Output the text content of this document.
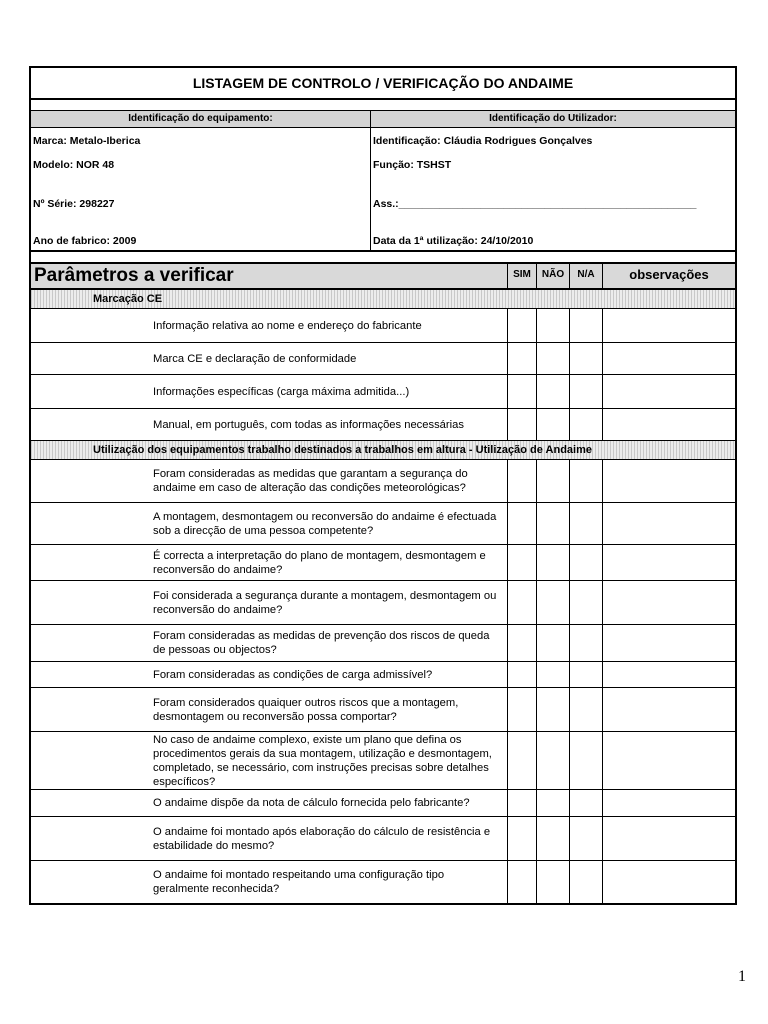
LISTAGEM DE CONTROLO / VERIFICAÇÃO DO ANDAIME
Identificação do equipamento:
Marca: Metalo-Iberica
Modelo: NOR 48
Nº Série: 298227
Ano de fabrico: 2009
Identificação do Utilizador:
Identificação: Cláudia Rodrigues Gonçalves
Função: TSHST
Ass.:___________________________________________________
Data da 1ª utilização: 24/10/2010
Parâmetros a verificar	SIM	NÃO	N/A	observações
Marcação CE
Informação relativa ao nome e endereço do fabricante
Marca CE e declaração de conformidade
Informações específicas (carga máxima admitida...)
Manual, em português, com todas as informações necessárias
Utilização dos equipamentos trabalho destinados a trabalhos em altura - Utilização de Andaime
Foram consideradas as medidas que garantam a segurança do andaime em caso de alteração das condições meteorológicas?
A montagem, desmontagem ou reconversão do andaime é efectuada sob a direcção de uma pessoa competente?
É correcta a interpretação do plano de montagem, desmontagem e reconversão do andaime?
Foi considerada a segurança durante a montagem, desmontagem ou reconversão do andaime?
Foram consideradas as medidas de prevenção dos riscos de queda de pessoas ou objectos?
Foram consideradas as condições de carga admissível?
Foram considerados quaiquer outros riscos que a montagem, desmontagem ou reconversão possa comportar?
No caso de andaime complexo, existe um plano que defina os procedimentos gerais da sua montagem, utilização e desmontagem, completado, se necessário, com instruções precisas sobre detalhes específicos?
O andaime dispõe da nota de cálculo fornecida pelo fabricante?
O andaime foi montado após elaboração do cálculo de resistência e estabilidade do mesmo?
O andaime foi montado respeitando uma configuração tipo geralmente reconhecida?
1
